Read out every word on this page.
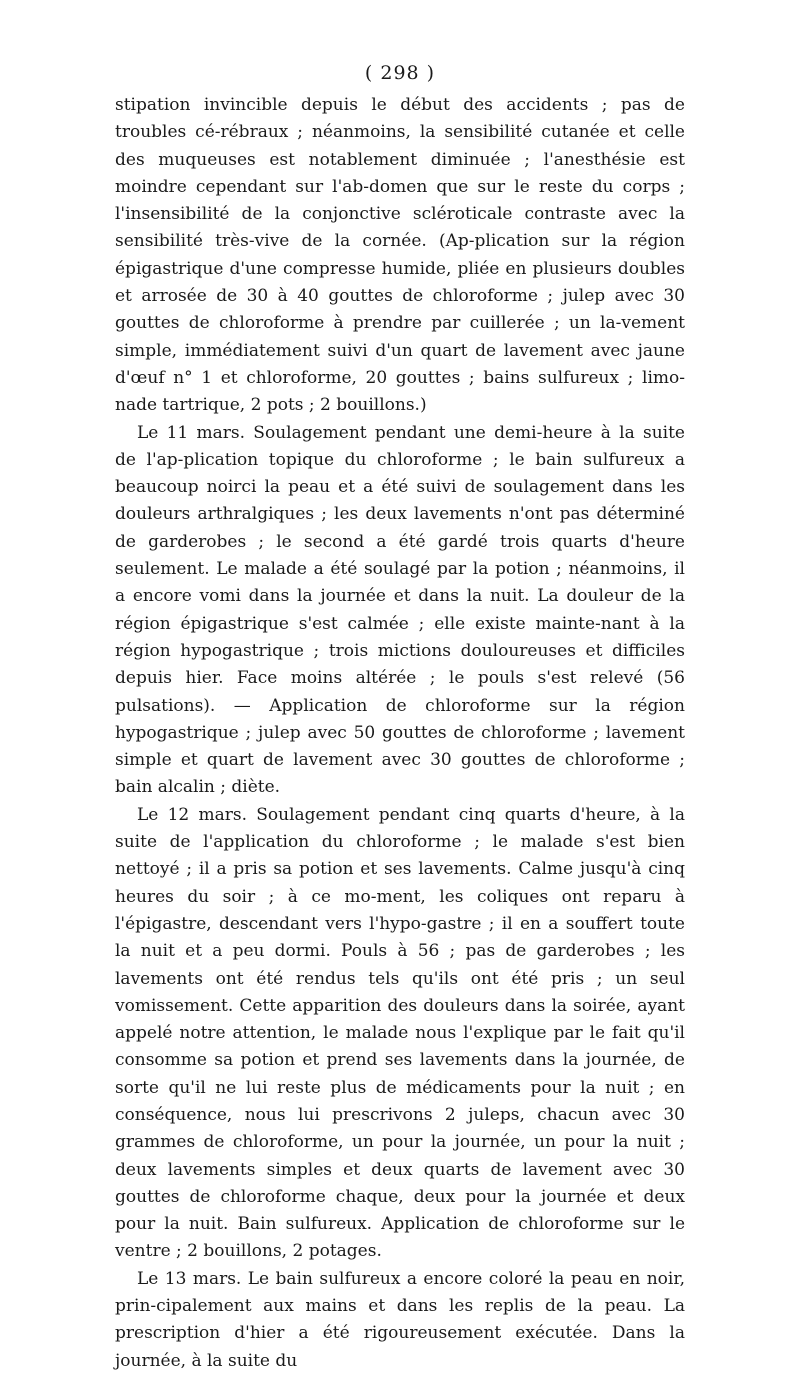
( 298 )

stipation invincible depuis le début des accidents ; pas de troubles cé-rébraux ; néanmoins, la sensibilité cutanée et celle des muqueuses est notablement diminuée ; l'anesthésie est moindre cependant sur l'ab-domen que sur le reste du corps ; l'insensibilité de la conjonctive scléroticale contraste avec la sensibilité très-vive de la cornée. (Ap-plication sur la région épigastrique d'une compresse humide, pliée en plusieurs doubles et arrosée de 30 à 40 gouttes de chloroforme ; julep avec 30 gouttes de chloroforme à prendre par cuillerée ; un la-vement simple, immédiatement suivi d'un quart de lavement avec jaune d'œuf n° 1 et chloroforme, 20 gouttes ; bains sulfureux ; limo-nade tartrique, 2 pots ; 2 bouillons.)

Le 11 mars. Soulagement pendant une demi-heure à la suite de l'ap-plication topique du chloroforme ; le bain sulfureux a beaucoup noirci la peau et a été suivi de soulagement dans les douleurs arthralgiques ; les deux lavements n'ont pas déterminé de garderobes ; le second a été gardé trois quarts d'heure seulement. Le malade a été soulagé par la potion ; néanmoins, il a encore vomi dans la journée et dans la nuit. La douleur de la région épigastrique s'est calmée ; elle existe mainte-nant à la région hypogastrique ; trois mictions douloureuses et difficiles depuis hier. Face moins altérée ; le pouls s'est relevé (56 pulsations). — Application de chloroforme sur la région hypogastrique ; julep avec 50 gouttes de chloroforme ; lavement simple et quart de lavement avec 30 gouttes de chloroforme ; bain alcalin ; diète.

Le 12 mars. Soulagement pendant cinq quarts d'heure, à la suite de l'application du chloroforme ; le malade s'est bien nettoyé ; il a pris sa potion et ses lavements. Calme jusqu'à cinq heures du soir ; à ce mo-ment, les coliques ont reparu à l'épigastre, descendant vers l'hypo-gastre ; il en a souffert toute la nuit et a peu dormi. Pouls à 56 ; pas de garderobes ; les lavements ont été rendus tels qu'ils ont été pris ; un seul vomissement. Cette apparition des douleurs dans la soirée, ayant appelé notre attention, le malade nous l'explique par le fait qu'il consomme sa potion et prend ses lavements dans la journée, de sorte qu'il ne lui reste plus de médicaments pour la nuit ; en conséquence, nous lui prescrivons 2 juleps, chacun avec 30 grammes de chloroforme, un pour la journée, un pour la nuit ; deux lavements simples et deux quarts de lavement avec 30 gouttes de chloroforme chaque, deux pour la journée et deux pour la nuit. Bain sulfureux. Application de chloroforme sur le ventre ; 2 bouillons, 2 potages.

Le 13 mars. Le bain sulfureux a encore coloré la peau en noir, prin-cipalement aux mains et dans les replis de la peau. La prescription d'hier a été rigoureusement exécutée. Dans la journée, à la suite du
